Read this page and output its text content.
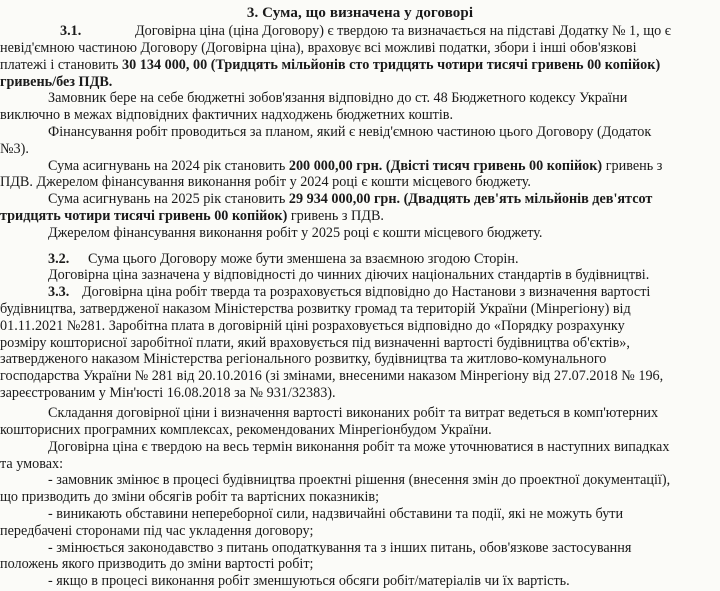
3. Сума, що визначена у договорі
3.1.	Договірна ціна (ціна Договору) є твердою та визначається на підставі Додатку № 1, що є
невід'ємною частиною Договору (Договірна ціна), враховує всі можливі податки, збори і інші обов'язкові
платежі і становить 30 134 000, 00 (Тридцять мільйонів сто тридцять чотири тисячі гривень 00 копійок)
гривень/без ПДВ.
Замовник бере на себе бюджетні зобов'язання відповідно до ст. 48 Бюджетного кодексу України
виключно в межах відповідних фактичних надходжень бюджетних коштів.
Фінансування робіт проводиться за планом, який є невід'ємною частиною цього Договору (Додаток
№3).
Сума асигнувань на 2024 рік становить 200 000,00 грн. (Двісті тисяч гривень 00 копійок) гривень з
ПДВ. Джерелом фінансування виконання робіт у 2024 році є кошти місцевого бюджету.
Сума асигнувань на 2025 рік становить 29 934 000,00 грн. (Двадцять дев'ять мільйонів дев'ятсот
тридцять чотири тисячі гривень 00 копійок) гривень з ПДВ.
Джерелом фінансування виконання робіт у 2025 році є кошти місцевого бюджету.
3.2. Сума цього Договору може бути зменшена за взаємною згодою Сторін.
Договірна ціна зазначена у відповідності до чинних діючих національних стандартів в будівництві.
3.3. Договірна ціна робіт тверда та розраховується відповідно до Настанови з визначення вартості
будівництва, затвердженої наказом Міністерства розвитку громад та територій України (Мінрегіону) від
01.11.2021 №281. Заробітна плата в договірній ціні розраховується відповідно до «Порядку розрахунку
розміру кошторисної заробітної плати, який враховується під визначенні вартості будівництва об'єктів»,
затвердженого наказом Міністерства регіонального розвитку, будівництва та житлово-комунального
господарства України № 281 від 20.10.2016 (зі змінами, внесеними наказом Мінрегіону від 27.07.2018 № 196,
зареєстрованим у Мін'юсті 16.08.2018 за № 931/32383).
Складання договірної ціни і визначення вартості виконаних робіт та витрат ведеться в комп'ютерних
кошторисних програмних комплексах, рекомендованих Мінрегіонбудом України.
Договірна ціна є твердою на весь термін виконання робіт та може уточнюватися в наступних випадках
та умовах:
- замовник змінює в процесі будівництва проектні рішення (внесення змін до проектної документації),
що призводить до зміни обсягів робіт та вартісних показників;
- виникають обставини непереборної сили, надзвичайні обставини та події, які не можуть бути
передбачені сторонами під час укладення договору;
- змінюється законодавство з питань оподаткування та з інших питань, обов'язкове застосування
положень якого призводить до зміни вартості робіт;
- якщо в процесі виконання робіт зменшуються обсяги робіт/матеріалів чи їх вартість.
